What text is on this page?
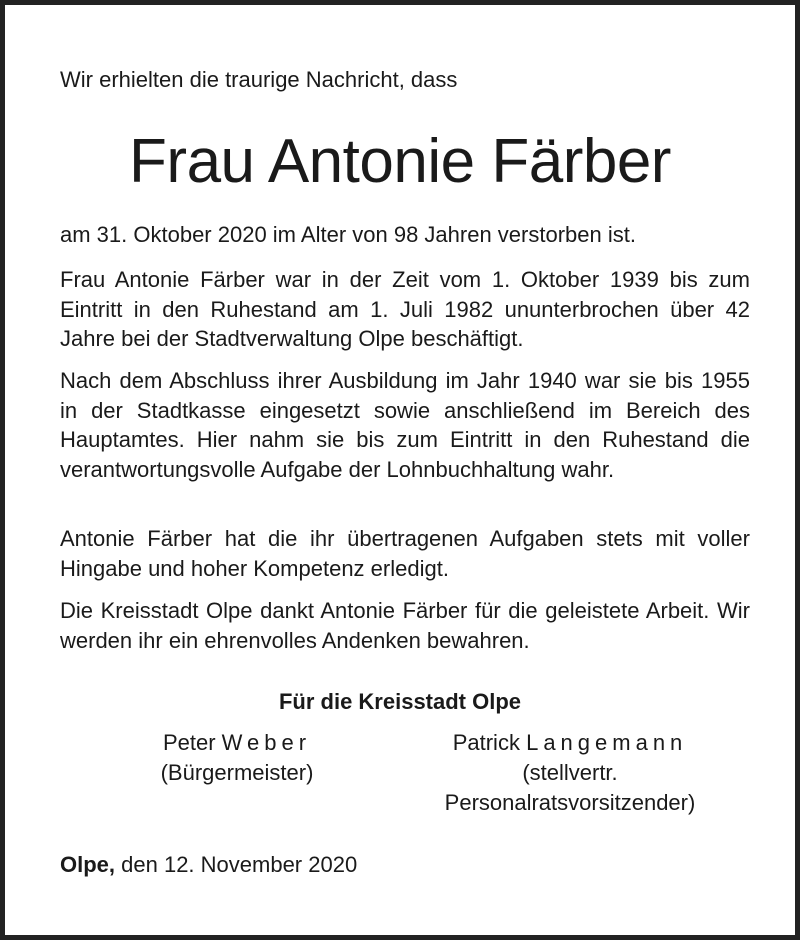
Wir erhielten die traurige Nachricht, dass

Frau Antonie Färber

am 31. Oktober 2020 im Alter von 98 Jahren verstorben ist.

Frau Antonie Färber war in der Zeit vom 1. Oktober 1939 bis zum Eintritt in den Ruhestand am 1. Juli 1982 ununterbrochen über 42 Jahre bei der Stadtverwaltung Olpe beschäftigt.

Nach dem Abschluss ihrer Ausbildung im Jahr 1940 war sie bis 1955 in der Stadtkasse eingesetzt sowie anschließend im Bereich des Hauptamtes. Hier nahm sie bis zum Eintritt in den Ruhestand die verantwortungsvolle Aufgabe der Lohnbuchhaltung wahr.

Antonie Färber hat die ihr übertragenen Aufgaben stets mit voller Hingabe und hoher Kompetenz erledigt.

Die Kreisstadt Olpe dankt Antonie Färber für die geleistete Arbeit. Wir werden ihr ein ehrenvolles Andenken bewahren.

Für die Kreisstadt Olpe

Peter Weber
(Bürgermeister)
Patrick Langemann
(stellvertr.
Personalratsvorsitzender)

Olpe, den 12. November 2020
